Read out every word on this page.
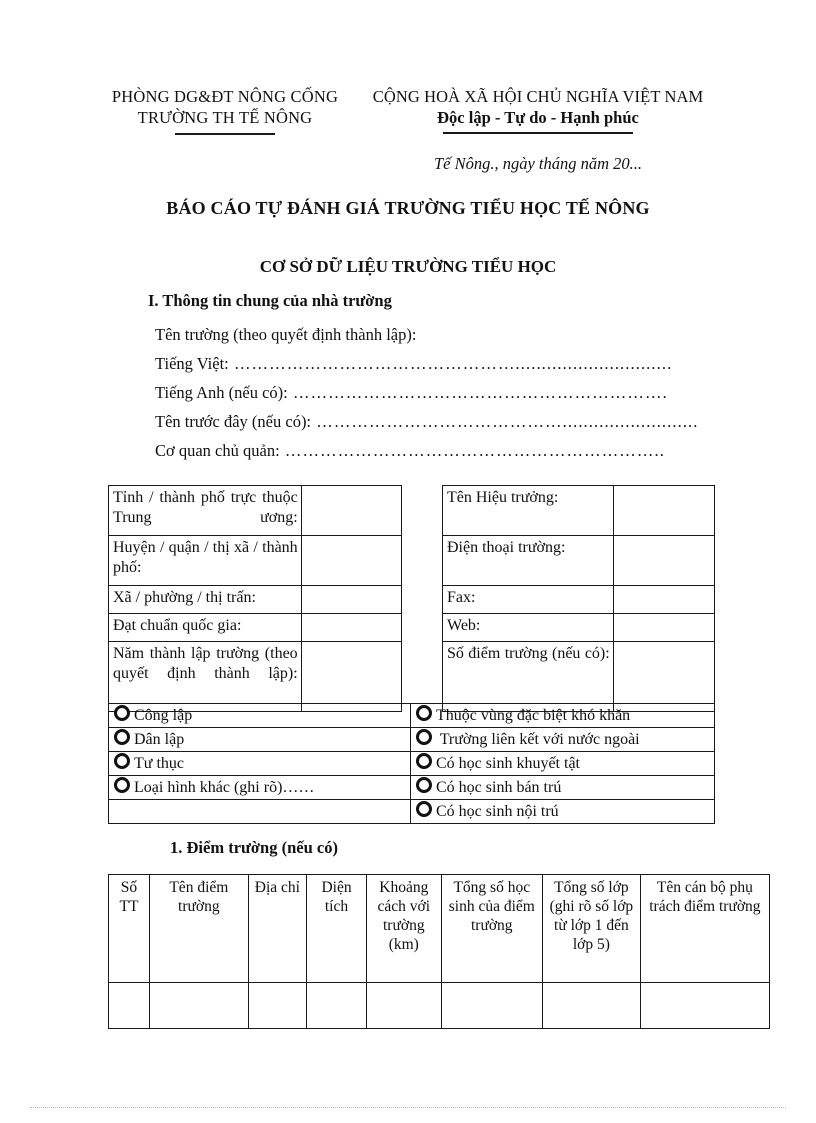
PHÒNG DG&ĐT NÔNG CỐNG
TRƯỜNG TH TẾ NÔNG
CỘNG HOÀ XÃ HỘI CHỦ NGHĨA VIỆT NAM
Độc lập - Tự do - Hạnh phúc
Tế Nông., ngày tháng năm 20...
BÁO CÁO TỰ ĐÁNH GIÁ TRƯỜNG TIỂU HỌC TẾ NÔNG
CƠ SỞ DỮ LIỆU TRƯỜNG TIỂU HỌC
I. Thông tin chung của nhà trường
Tên trường (theo quyết định thành lập):
Tiếng Việt: …………………………………………..............................
Tiếng Anh (nếu có): ……………………………………………………….
Tên trước đây (nếu có): ……………………………………..........................
Cơ quan chủ quản: ………………………………………………………..
Tỉnh / thành phố trực thuộc Trung ương:	
Huyện / quận / thị xã / thành phố:	
Xã / phường / thị trấn:	
Đạt chuẩn quốc gia:	
Năm thành lập trường (theo quyết định thành lập):	
Tên Hiệu trưởng:	
Điện thoại trường:	
Fax:	
Web:	
Số điểm trường (nếu có):	
Công lập	Thuộc vùng đặc biệt khó khăn
Dân lập	Trường liên kết với nước ngoài
Tư thục	Có học sinh khuyết tật
Loại hình khác (ghi rõ)……	Có học sinh bán trú
	Có học sinh nội trú
1. Điểm trường (nếu có)
Số TT	Tên điểm trường	Địa chỉ	Diện tích	Khoảng cách với trường (km)	Tổng số học sinh của điểm trường	Tổng số lớp (ghi rõ số lớp từ lớp 1 đến lớp 5)	Tên cán bộ phụ trách điểm trường
